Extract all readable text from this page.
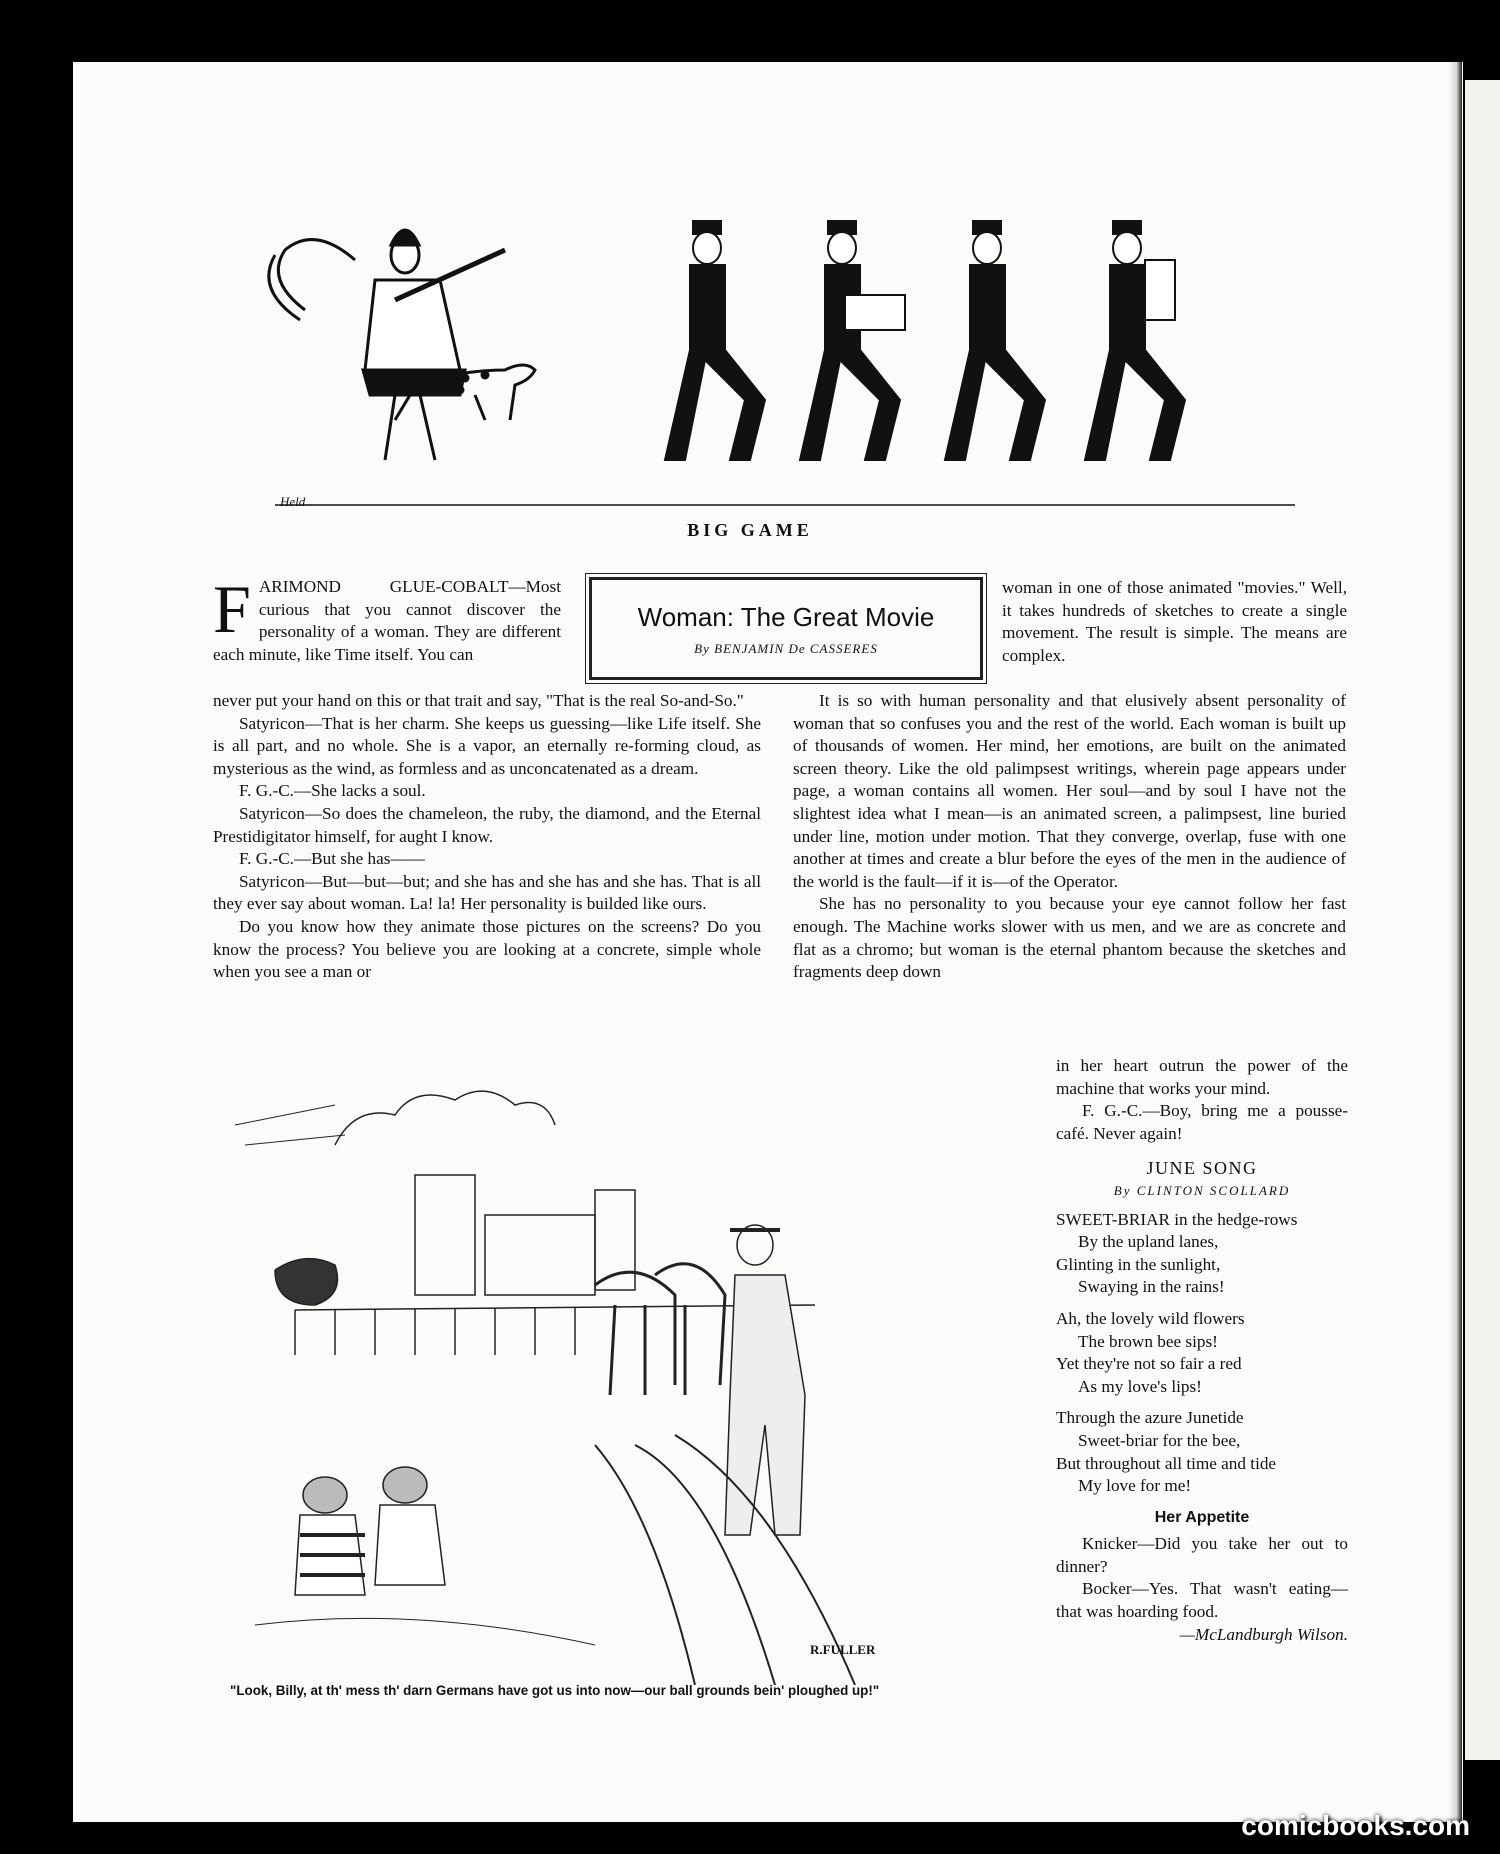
Held
BIG GAME
Woman: The Great Movie
By BENJAMIN De CASSERES
F ARIMOND GLUE-COBALT—Most curious that you cannot discover the personality of a woman. They are different each minute, like Time itself. You can

never put your hand on this or that trait and say, "That is the real So-and-So."

Satyricon—That is her charm. She keeps us guessing—like Life itself. She is all part, and no whole. She is a vapor, an eternally re-forming cloud, as mysterious as the wind, as formless and as unconcatenated as a dream.

F. G.-C.—She lacks a soul.

Satyricon—So does the chameleon, the ruby, the diamond, and the Eternal Prestidigitator himself, for aught I know.

F. G.-C.—But she has——

Satyricon—But—but—but; and she has and she has and she has. That is all they ever say about woman. La! la! Her personality is builded like ours.

Do you know how they animate those pictures on the screens? Do you know the process? You believe you are looking at a concrete, simple whole when you see a man or

woman in one of those animated "movies." Well, it takes hundreds of sketches to create a single movement. The result is simple. The means are complex.

It is so with human personality and that elusively absent personality of woman that so confuses you and the rest of the world. Each woman is built up of thousands of women. Her mind, her emotions, are built on the animated screen theory. Like the old palimpsest writings, wherein page appears under page, a woman contains all women. Her soul—and by soul I have not the slightest idea what I mean—is an animated screen, a palimpsest, line buried under line, motion under motion. That they converge, overlap, fuse with one another at times and create a blur before the eyes of the men in the audience of the world is the fault—if it is—of the Operator.

She has no personality to you because your eye cannot follow her fast enough. The Machine works slower with us men, and we are as concrete and flat as a chromo; but woman is the eternal phantom because the sketches and fragments deep down

R.FULLER
"Look, Billy, at th' mess th' darn Germans have got us into now—our ball grounds bein' ploughed up!"

in her heart outrun the power of the machine that works your mind.

F. G.-C.—Boy, bring me a pousse-café. Never again!

JUNE SONG
By CLINTON SCOLLARD

SWEET-BRIAR in the hedge-rows

By the upland lanes,

Glinting in the sunlight,

Swaying in the rains!

Ah, the lovely wild flowers

The brown bee sips!

Yet they're not so fair a red

As my love's lips!

Through the azure Junetide

Sweet-briar for the bee,

But throughout all time and tide

My love for me!

Her Appetite

Knicker—Did you take her out to dinner?

Bocker—Yes. That wasn't eating—that was hoarding food.

—McLandburgh Wilson.

comicbooks.com
